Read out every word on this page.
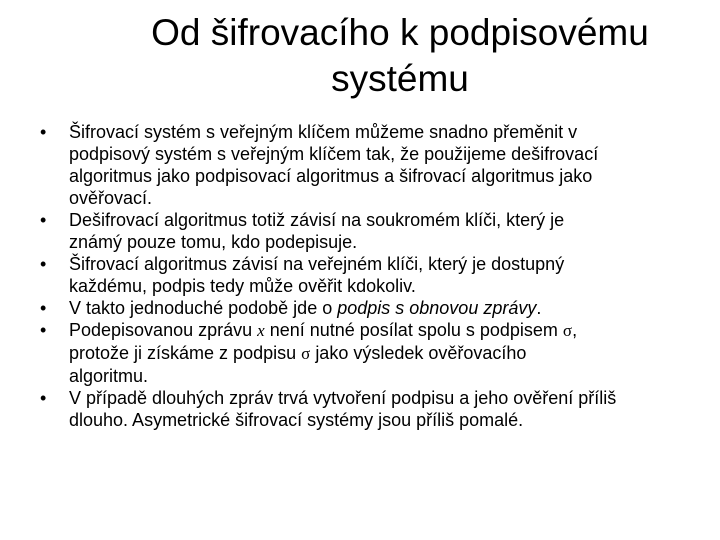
Od šifrovacího k podpisovému
systému
•	Šifrovací systém s veřejným klíčem můžeme snadno přeměnit v
podpisový systém s veřejným klíčem tak, že použijeme dešifrovací
algoritmus jako podpisovací algoritmus a šifrovací algoritmus jako
ověřovací.
•	Dešifrovací algoritmus totiž závisí na soukromém klíči, který je
známý pouze tomu, kdo podepisuje.
•	Šifrovací algoritmus závisí na veřejném klíči, který je dostupný
každému, podpis tedy může ověřit kdokoliv.
•	V takto jednoduché podobě jde o podpis s obnovou zprávy.
•	Podepisovanou zprávu x není nutné posílat spolu s podpisem σ,
protože ji získáme z podpisu σ jako výsledek ověřovacího
algoritmu.
•	V případě dlouhých zpráv trvá vytvoření podpisu a jeho ověření příliš
dlouho. Asymetrické šifrovací systémy jsou příliš pomalé.
